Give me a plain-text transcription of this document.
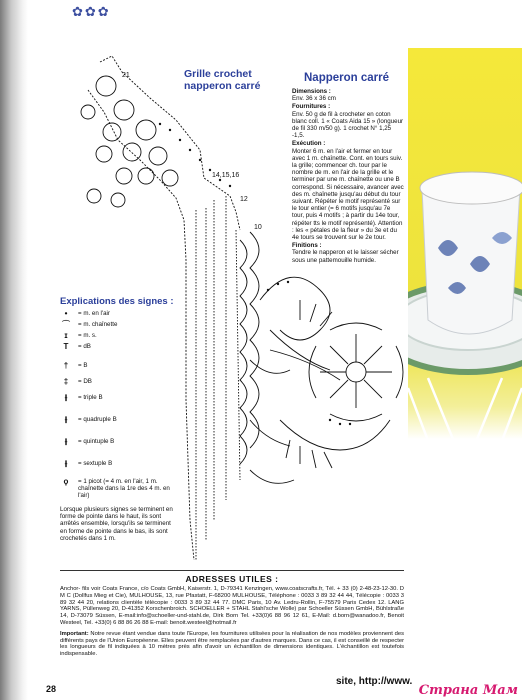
✿✿✿
21
14,15,16
12
10
Grille crochet
napperon carré
Napperon carré

Dimensions :
Env. 36 x 36 cm

Fournitures :
Env. 50 g de fil à crocheter en coton blanc coll. 1 « Coats Aida 15 » (longueur de fil 330 m/50 g). 1 crochet N° 1,25 -1,5.

Exécution :
Monter 6 m. en l'air et fermer en tour avec 1 m. chaînette. Cont. en tours suiv. la grille; commencer ch. tour par le nombre de m. en l'air de la grille et le terminer par une m. chaînette ou une B correspond. Si nécessaire, avancer avec des m. chaînette jusqu'au début du tour suivant. Répéter le motif représenté sur le tour entier (= 6 motifs jusqu'au 7e tour, puis 4 motifs ; à partir du 14e tour, répéter tts le motif représenté). Attention : les « pétales de la fleur » du 3e et du 4e tours se trouvent sur le 2e tour.

Finitions :
Tendre le napperon et le laisser sécher sous une pattemouille humide.

Explications des signes :
•	= m. en l'air
⌒	= m. chaînette
ɪ	= m. s.
T	= dB
†	= B
‡	= DB
⫲	= triple B
⫲	= quadruple B
⫲	= quintuple B
⫲	= sextuple B
ϙ	= 1 picot (= 4 m. en l'air, 1 m. chaînette dans la 1re des 4 m. en l'air)
Lorsque plusieurs signes se terminent en forme de pointe dans le haut, ils sont arrêtés ensemble, lorsqu'ils se terminent en forme de pointe dans le bas, ils sont crochetés dans 1 m.
ADRESSES UTILES :
Anchor- fils voir Coats France, c/o Coats GmbH, Kaiserstr. 1, D-79341 Kenzingen, www.coatscrafts.fr, Tél. + 33 (0) 2-48-23-12-30. D M C (Dollfus Mieg et Cie), MULHOUSE, 13, rue Pfastatt, F-68200 MULHOUSE, Téléphone : 0033 3 89 32 44 44, Télécopie : 0033 3 89 32 44 20, relations clientèle télécopie : 0033 3 89 32 44 77. DMC Paris, 10 Av. Ledru-Rollin, F-75579 Paris Cedex 12. LANG YARNS, Püllenweg 20, D-41352 Korschenbroich. SCHOELLER + STAHL Stahl'sche Wolle) par Schoeller Süssen GmbH, Bühlstraße 14, D-73079 Süssen, E-mail:info@schoeller-und-stahl.de, Dirk Born Tel. +33(0)6 88 96 12 61, E-Mail: d.born@wanadoo.fr, Benoit Westeel, Tel. +33(0) 6 88 86 26 88 E-mail: benoit.westeel@hotmail.fr
Important: Notre revue étant vendue dans toute l'Europe, les fournitures utilisées pour la réalisation de nos modèles proviennent des différents pays de l'Union Européenne. Elles peuvent être remplacées par d'autres marques. Dans ce cas, il est conseillé de respecter les longueurs de fil indiquées à 10 mètres près afin d'avoir un échantillon de dimensions identiques. L'échantillon est toutefois indispensable.
28
site, http://www.
Страна Мам
